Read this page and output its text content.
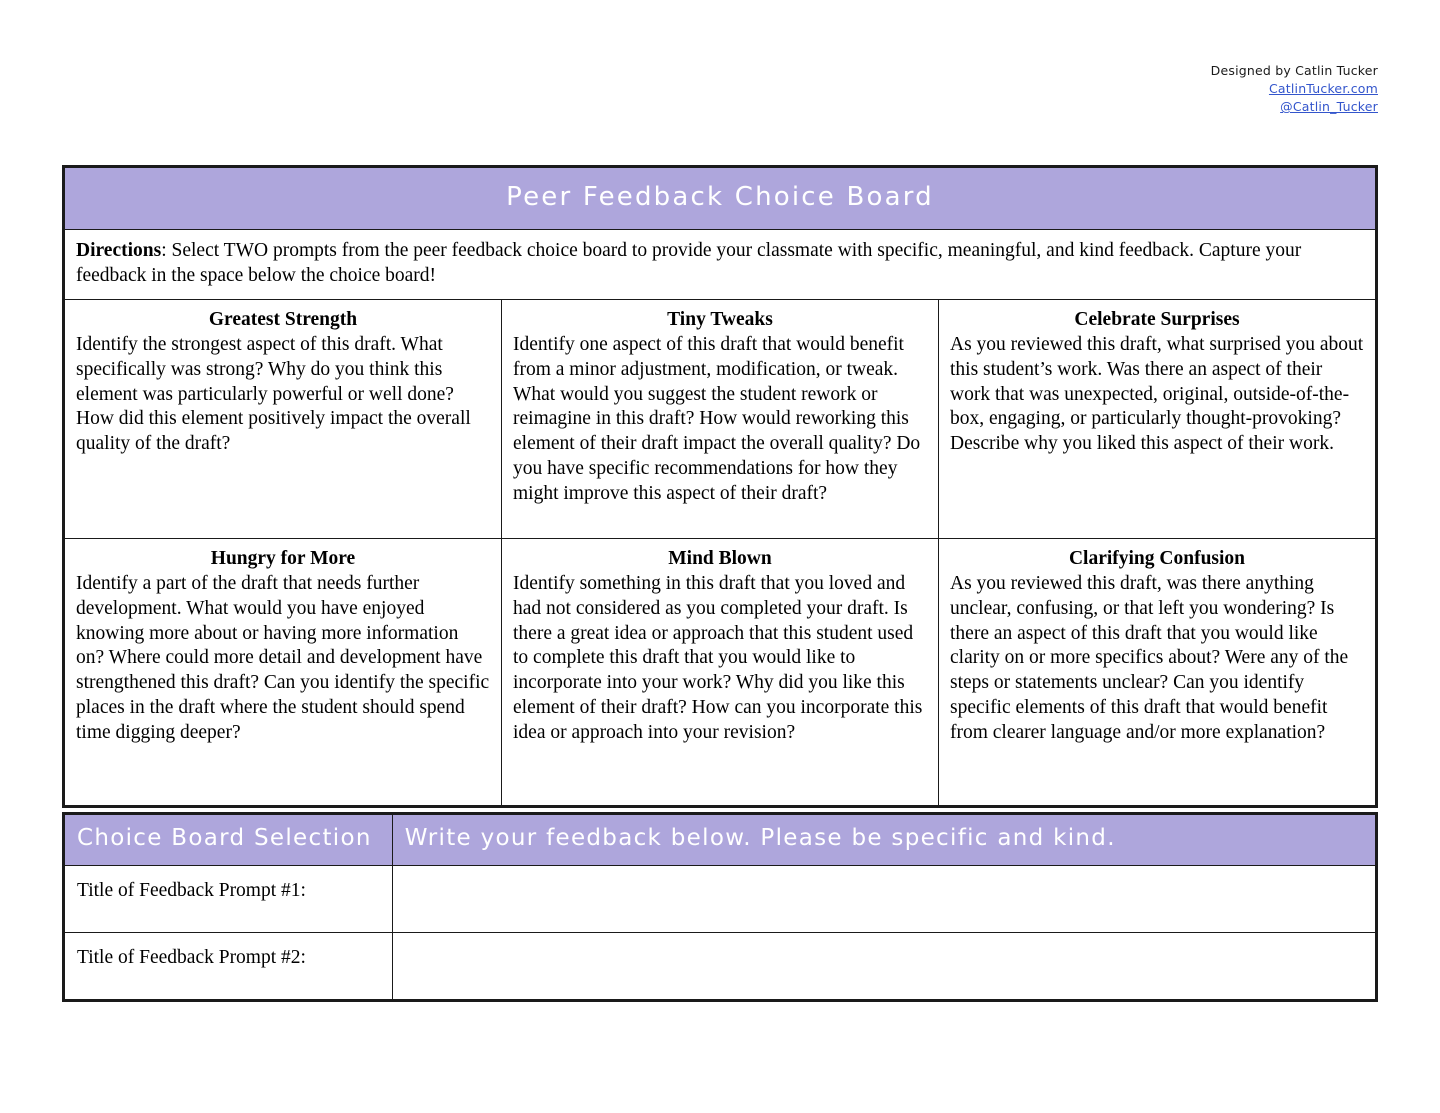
Designed by Catlin Tucker
CatlinTucker.com
@Catlin_Tucker
Peer Feedback Choice Board		

Directions: Select TWO prompts from the peer feedback choice board to provide your classmate with specific, meaningful, and kind feedback. Capture your feedback in the space below the choice board!		

Greatest Strength
Identify the strongest aspect of this draft. What specifically was strong? Why do you think this element was particularly powerful or well done? How did this element positively impact the overall quality of the draft?

Tiny Tweaks
Identify one aspect of this draft that would benefit from a minor adjustment, modification, or tweak. What would you suggest the student rework or reimagine in this draft? How would reworking this element of their draft impact the overall quality? Do you have specific recommendations for how they might improve this aspect of their draft?

Celebrate Surprises
As you reviewed this draft, what surprised you about this student’s work. Was there an aspect of their work that was unexpected, original, outside-of-the-box, engaging, or particularly thought-provoking? Describe why you liked this aspect of their work.

Hungry for More
Identify a part of the draft that needs further development. What would you have enjoyed knowing more about or having more information on? Where could more detail and development have strengthened this draft? Can you identify the specific places in the draft where the student should spend time digging deeper?

Mind Blown
Identify something in this draft that you loved and had not considered as you completed your draft. Is there a great idea or approach that this student used to complete this draft that you would like to incorporate into your work? Why did you like this element of their draft? How can you incorporate this idea or approach into your revision?

Clarifying Confusion
As you reviewed this draft, was there anything unclear, confusing, or that left you wondering? Is there an aspect of this draft that you would like clarity on or more specifics about? Were any of the steps or statements unclear? Can you identify specific elements of this draft that would benefit from clearer language and/or more explanation?
Choice Board Selection	Write your feedback below. Please be specific and kind.
Title of Feedback Prompt #1:	
Title of Feedback Prompt #2:	
